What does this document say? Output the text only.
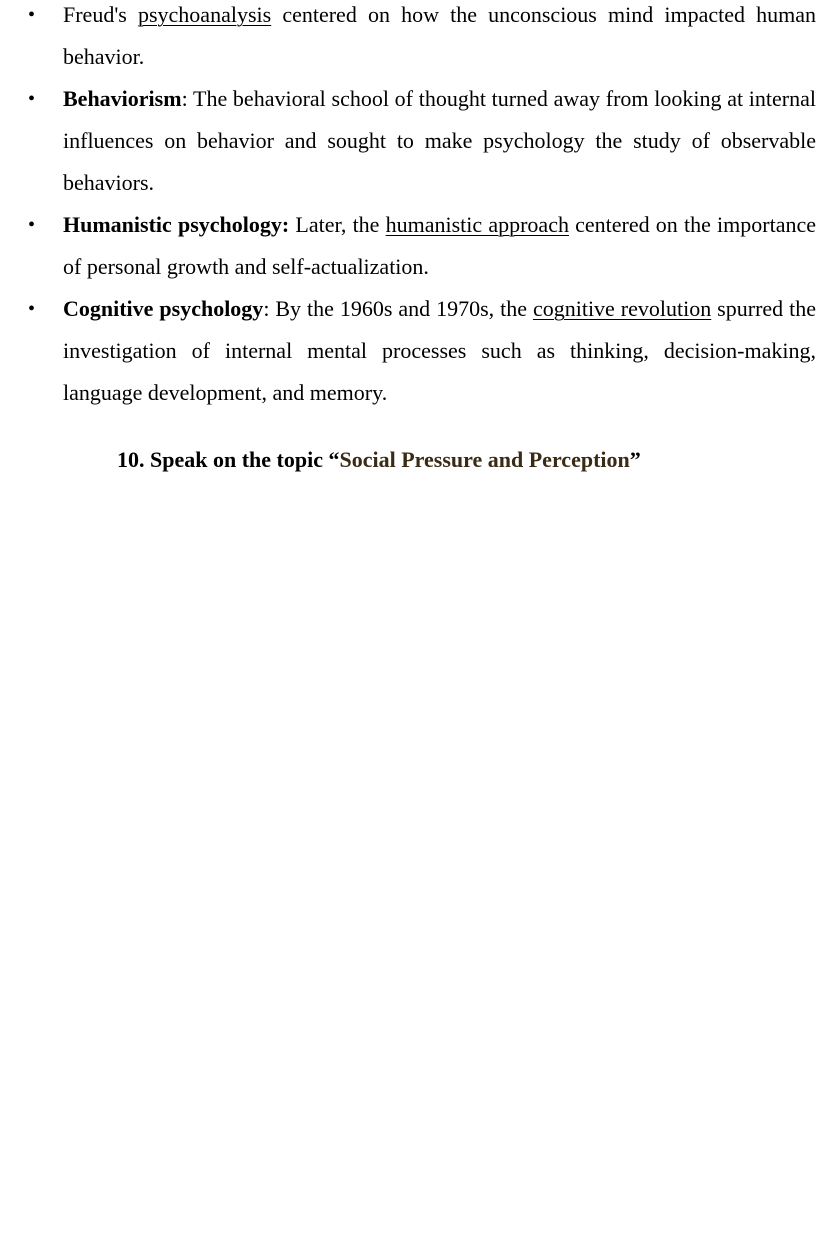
• Freud's psychoanalysis centered on how the unconscious mind impacted human behavior.
• Behaviorism: The behavioral school of thought turned away from looking at internal influences on behavior and sought to make psychology the study of observable behaviors.
• Humanistic psychology: Later, the humanistic approach centered on the importance of personal growth and self-actualization.
• Cognitive psychology: By the 1960s and 1970s, the cognitive revolution spurred the investigation of internal mental processes such as thinking, decision-making, language development, and memory.
10. Speak on the topic “Social Pressure and Perception”
